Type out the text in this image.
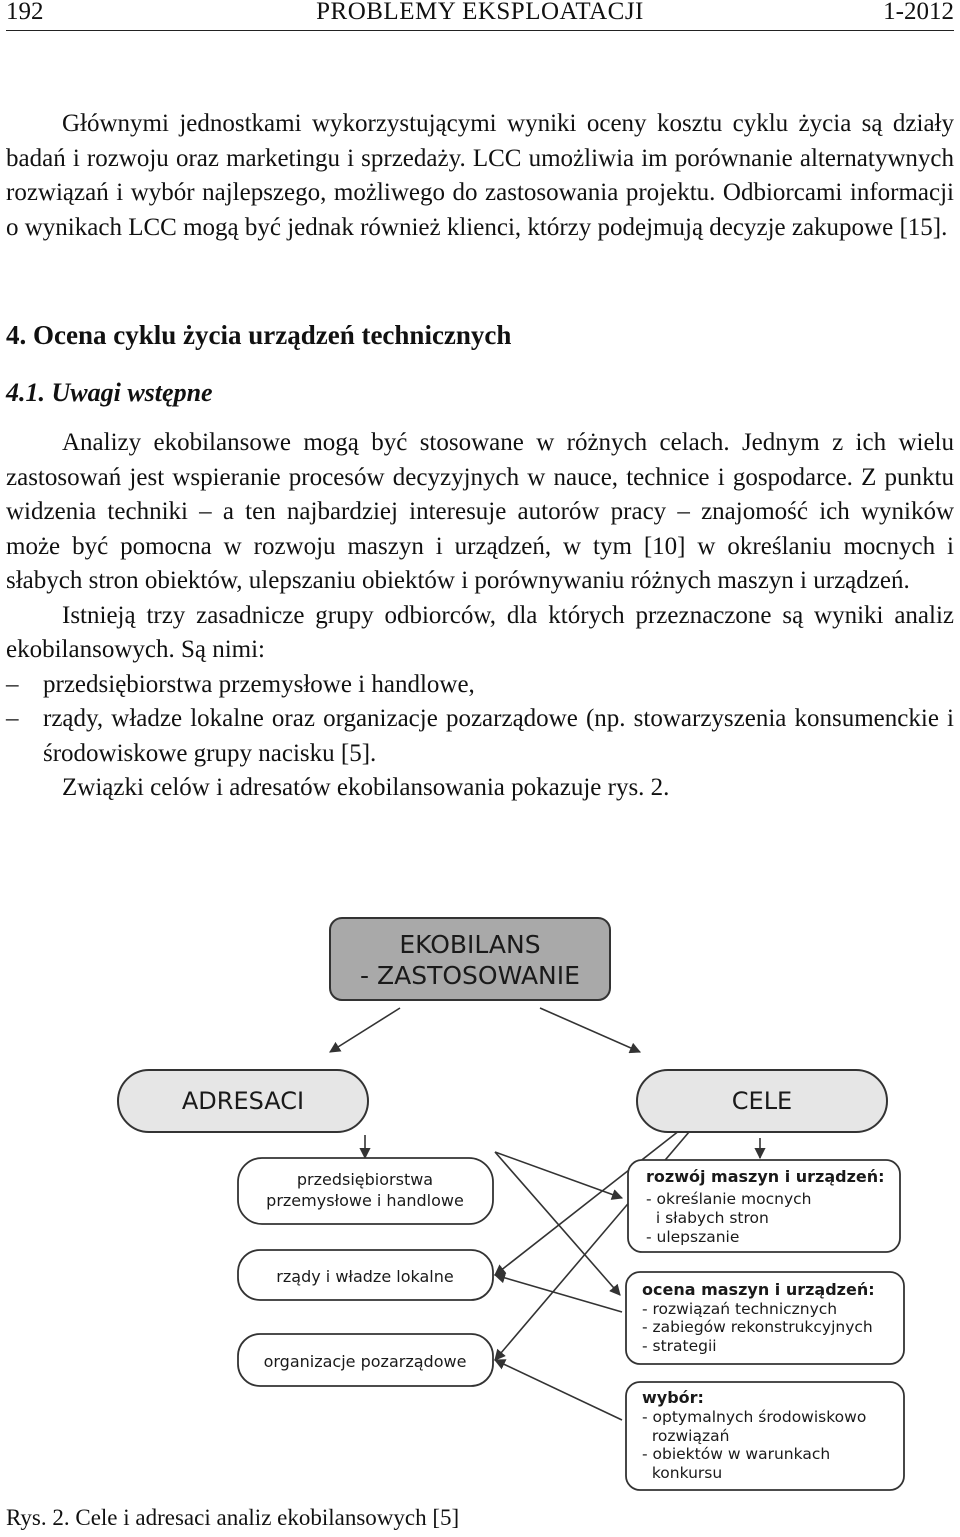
192	PROBLEMY EKSPLOATACJI	1-2012

Głównymi jednostkami wykorzystującymi wyniki oceny kosztu cyklu życia są działy badań i rozwoju oraz marketingu i sprzedaży. LCC umożliwia im porównanie alternatywnych rozwiązań i wybór najlepszego, możliwego do zastosowania projektu. Odbiorcami informacji o wynikach LCC mogą być jednak również klienci, którzy podejmują decyzje zakupowe [15].

4. Ocena cyklu życia urządzeń technicznych
4.1. Uwagi wstępne

Analizy ekobilansowe mogą być stosowane w różnych celach. Jednym z ich wielu zastosowań jest wspieranie procesów decyzyjnych w nauce, technice i gospodarce. Z punktu widzenia techniki – a ten najbardziej interesuje autorów pracy – znajomość ich wyników może być pomocna w rozwoju maszyn i urządzeń, w tym [10] w określaniu mocnych i słabych stron obiektów, ulepszaniu obiektów i porównywaniu różnych maszyn i urządzeń.

Istnieją trzy zasadnicze grupy odbiorców, dla których przeznaczone są wyniki analiz ekobilansowych. Są nimi:

– przedsiębiorstwa przemysłowe i handlowe,
– rządy, władze lokalne oraz organizacje pozarządowe (np. stowarzyszenia konsumenckie i środowiskowe grupy nacisku [5].

Związki celów i adresatów ekobilansowania pokazuje rys. 2.

EKOBILANS
- ZASTOSOWANIE
ADRESACI	CELE
przedsiębiorstwa
przemysłowe i handlowe
rządy i władze lokalne
organizacje pozarządowe
rozwój maszyn i urządzeń:
- określanie mocnych
i słabych stron
- ulepszanie
ocena maszyn i urządzeń:
- rozwiązań technicznych
- zabiegów rekonstrukcyjnych
- strategii
wybór:
- optymalnych środowiskowo
rozwiązań
- obiektów w warunkach
konkursu
Rys. 2. Cele i adresaci analiz ekobilansowych [5]
